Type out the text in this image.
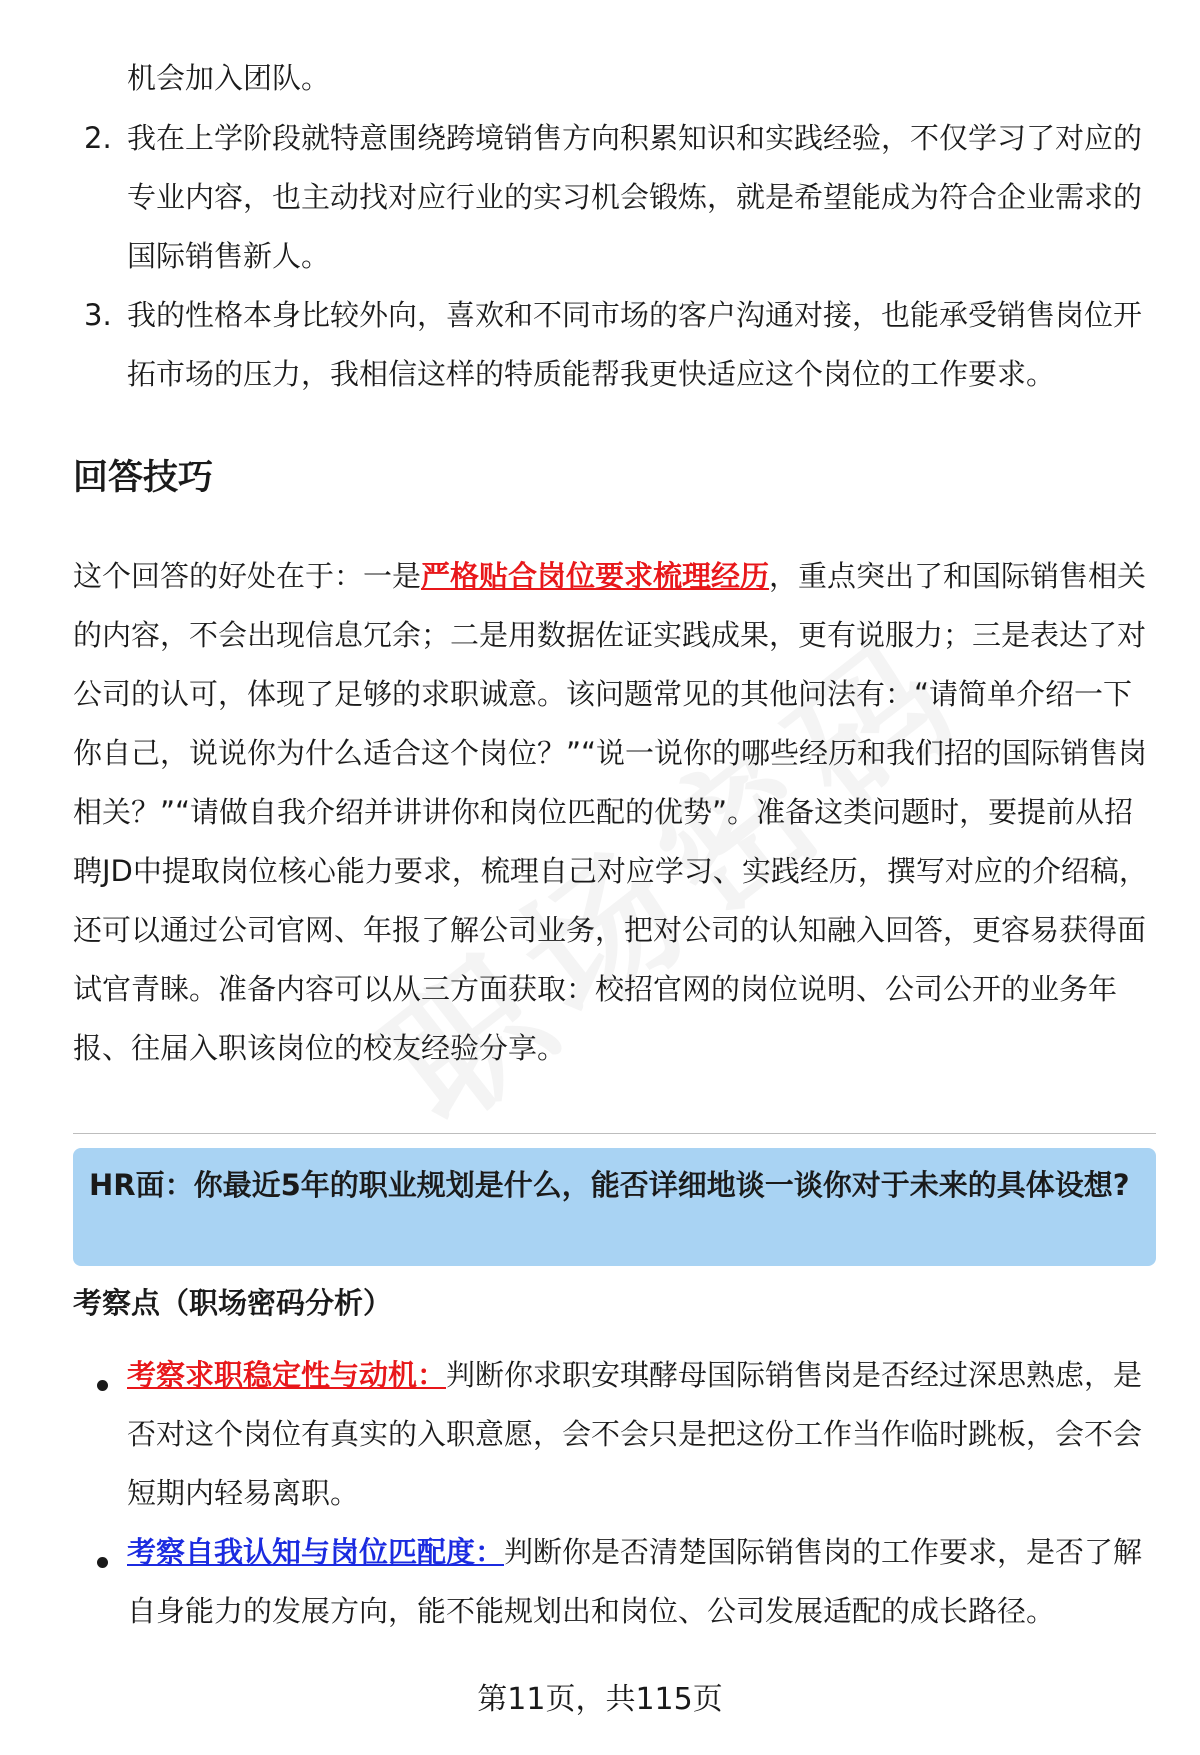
机会加入团队。

2. 我在上学阶段就特意围绕跨境销售方向积累知识和实践经验，不仅学习了对应的专业内容，也主动找对应行业的实习机会锻炼，就是希望能成为符合企业需求的国际销售新人。

3. 我的性格本身比较外向，喜欢和不同市场的客户沟通对接，也能承受销售岗位开拓市场的压力，我相信这样的特质能帮我更快适应这个岗位的工作要求。

回答技巧

这个回答的好处在于：一是严格贴合岗位要求梳理经历，重点突出了和国际销售相关的内容，不会出现信息冗余；二是用数据佐证实践成果，更有说服力；三是表达了对公司的认可，体现了足够的求职诚意。该问题常见的其他问法有：“请简单介绍一下你自己，说说你为什么适合这个岗位？”“说一说你的哪些经历和我们招的国际销售岗相关？”“请做自我介绍并讲讲你和岗位匹配的优势”。准备这类问题时，要提前从招聘JD中提取岗位核心能力要求，梳理自己对应学习、实践经历，撰写对应的介绍稿，还可以通过公司官网、年报了解公司业务，把对公司的认知融入回答，更容易获得面试官青睐。准备内容可以从三方面获取：校招官网的岗位说明、公司公开的业务年报、往届入职该岗位的校友经验分享。

HR面：你最近5年的职业规划是什么，能否详细地谈一谈你对于未来的具体设想?
考察点（职场密码分析）

考察求职稳定性与动机：判断你求职安琪酵母国际销售岗是否经过深思熟虑，是否对这个岗位有真实的入职意愿，会不会只是把这份工作当作临时跳板，会不会短期内轻易离职。

考察自我认知与岗位匹配度：判断你是否清楚国际销售岗的工作要求，是否了解自身能力的发展方向，能不能规划出和岗位、公司发展适配的成长路径。

第11页，共115页
